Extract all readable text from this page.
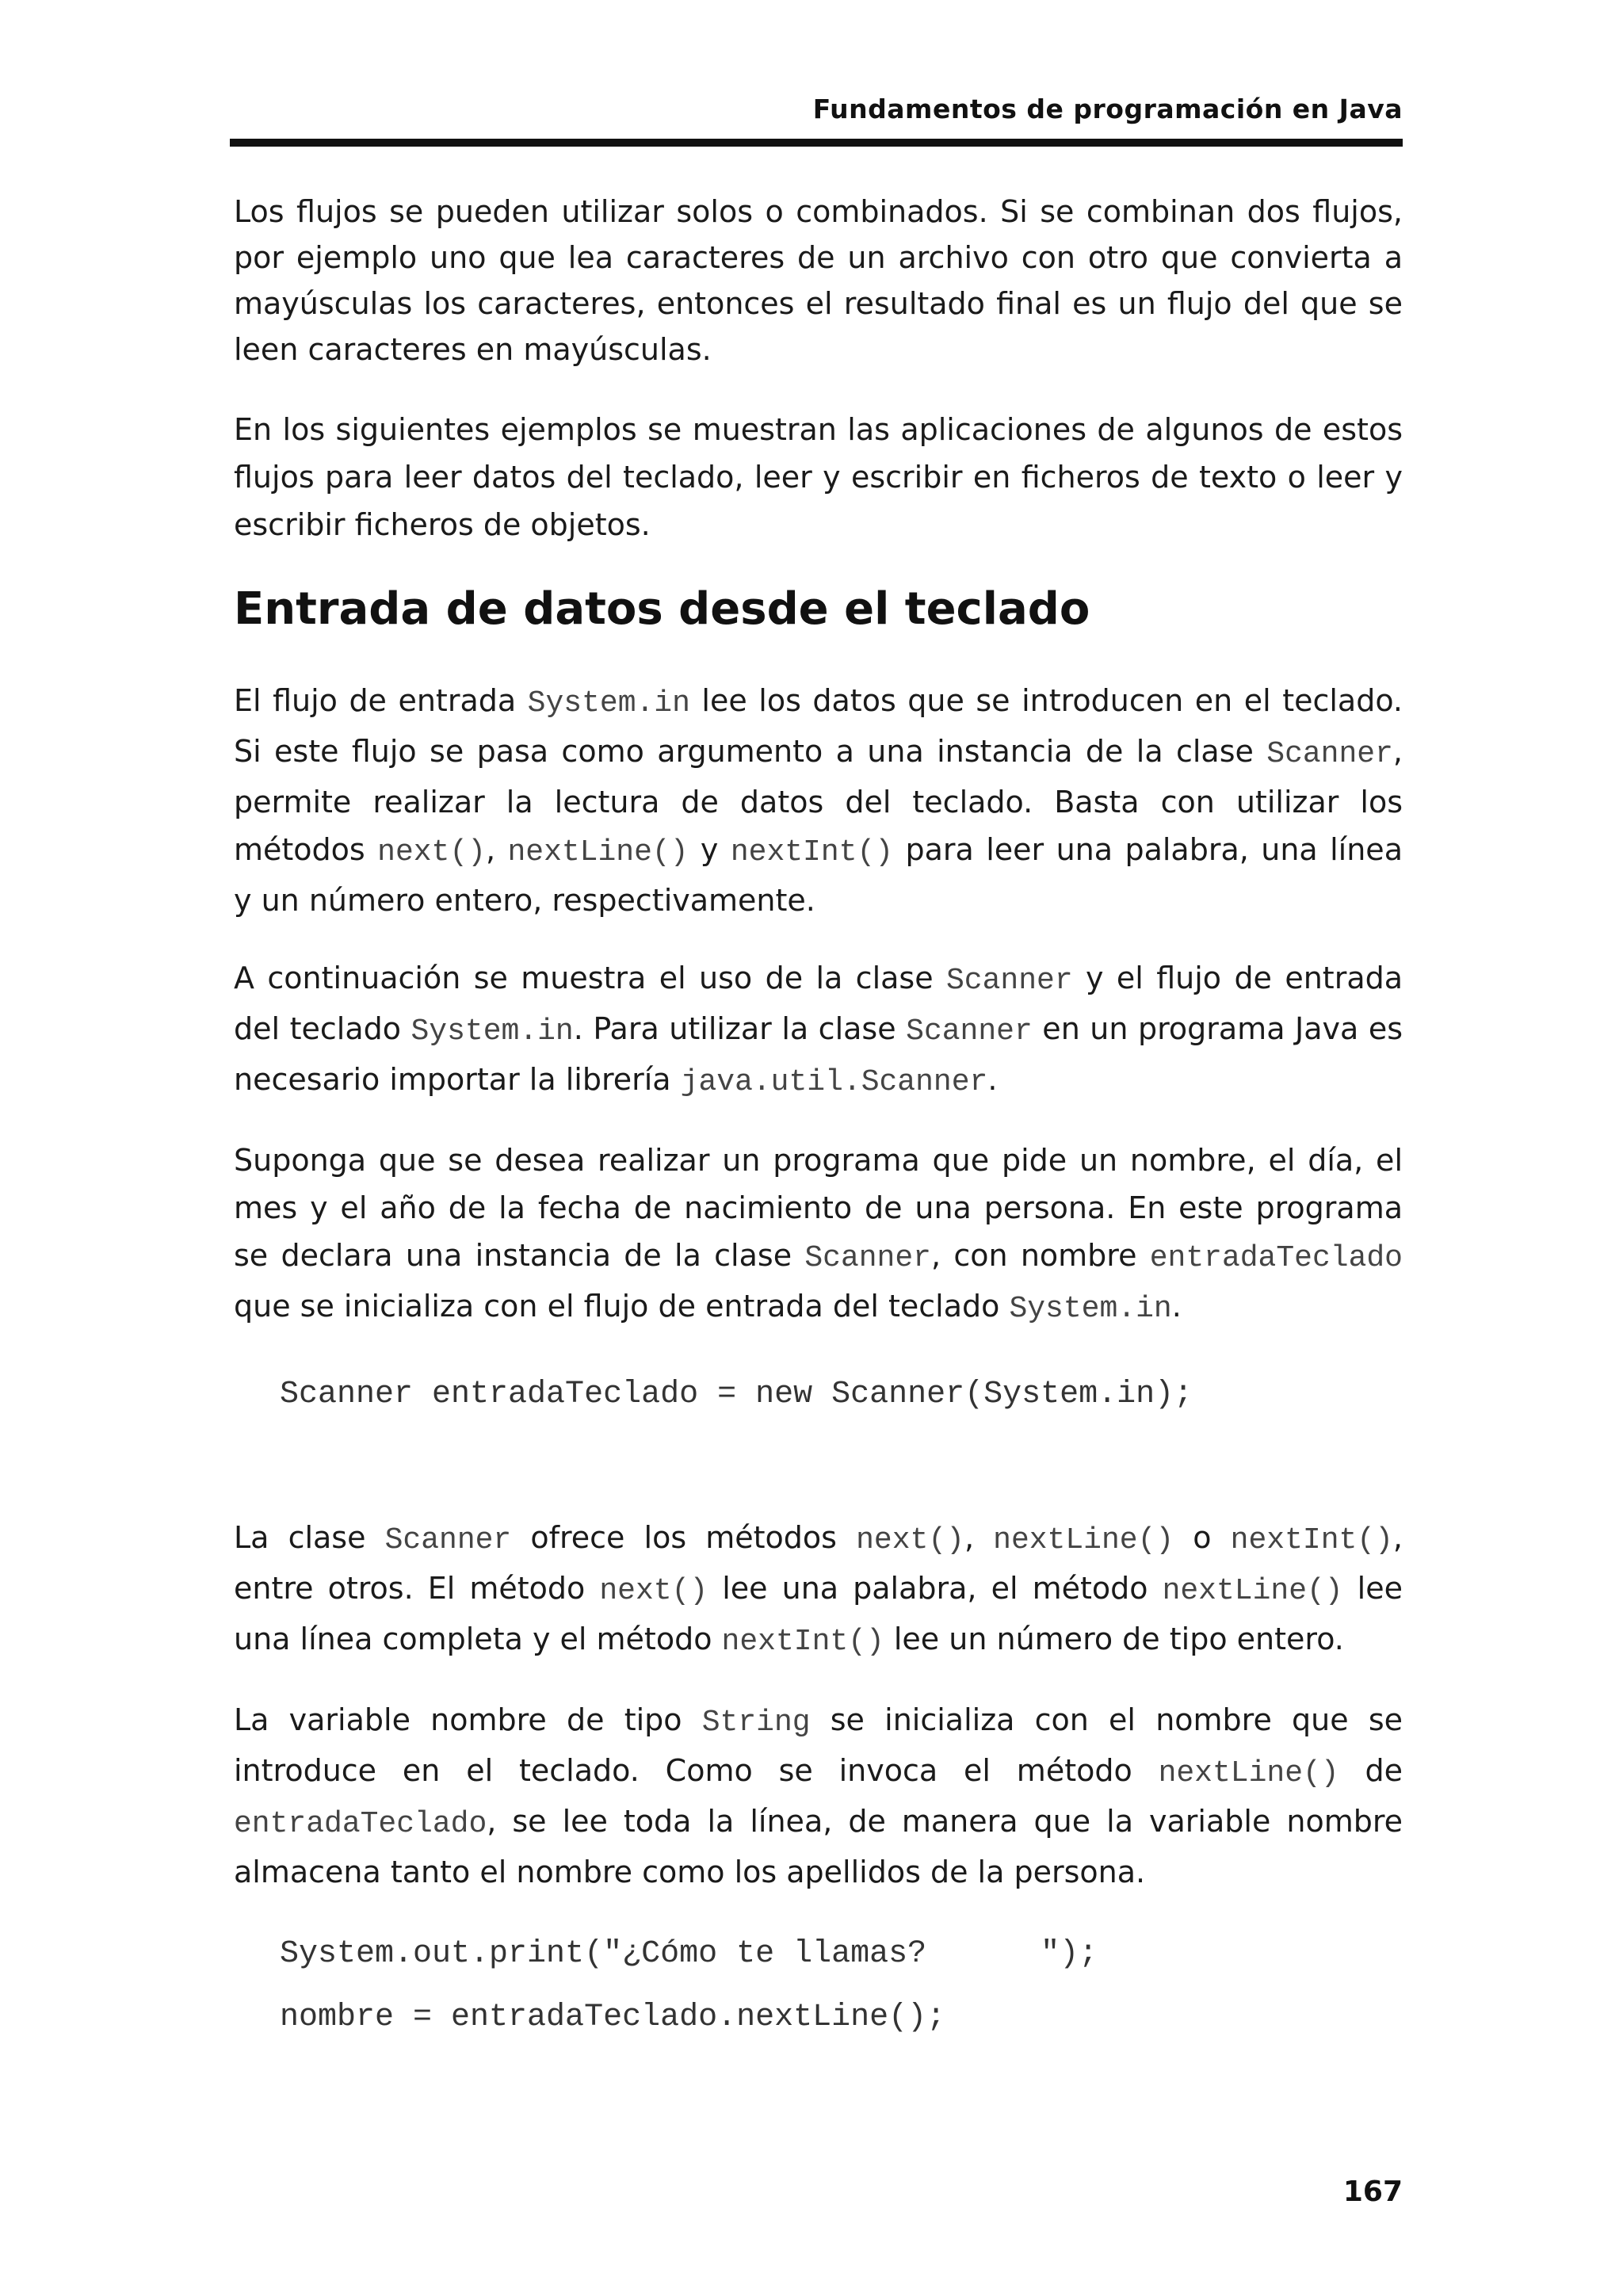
Fundamentos de programación en Java

Los flujos se pueden utilizar solos o combinados. Si se combinan dos flujos, por ejemplo uno que lea caracteres de un archivo con otro que convierta a mayúsculas los caracteres, entonces el resultado final es un flujo del que se leen caracteres en mayúsculas.

En los siguientes ejemplos se muestran las aplicaciones de algunos de estos flujos para leer datos del teclado, leer y escribir en ficheros de texto o leer y escribir ficheros de objetos.

Entrada de datos desde el teclado

El flujo de entrada System.in lee los datos que se introducen en el teclado. Si este flujo se pasa como argumento a una instancia de la clase Scanner, permite realizar la lectura de datos del teclado. Basta con utilizar los métodos next(), nextLine() y nextInt() para leer una palabra, una línea y un número entero, respectivamente.

A continuación se muestra el uso de la clase Scanner y el flujo de entrada del teclado System.in. Para utilizar la clase Scanner en un programa Java es necesario importar la librería java.util.Scanner.

Suponga que se desea realizar un programa que pide un nombre, el día, el mes y el año de la fecha de nacimiento de una persona. En este programa se declara una instancia de la clase Scanner, con nombre entradaTeclado que se inicializa con el flujo de entrada del teclado System.in.

Scanner entradaTeclado = new Scanner(System.in);

La clase Scanner ofrece los métodos next(), nextLine() o nextInt(), entre otros. El método next() lee una palabra, el método nextLine() lee una línea completa y el método nextInt() lee un número de tipo entero.

La variable nombre de tipo String se inicializa con el nombre que se introduce en el teclado. Como se invoca el método nextLine() de entradaTeclado, se lee toda la línea, de manera que la variable nombre almacena tanto el nombre como los apellidos de la persona.

System.out.print("¿Cómo te llamas?      ");
nombre = entradaTeclado.nextLine();
167
